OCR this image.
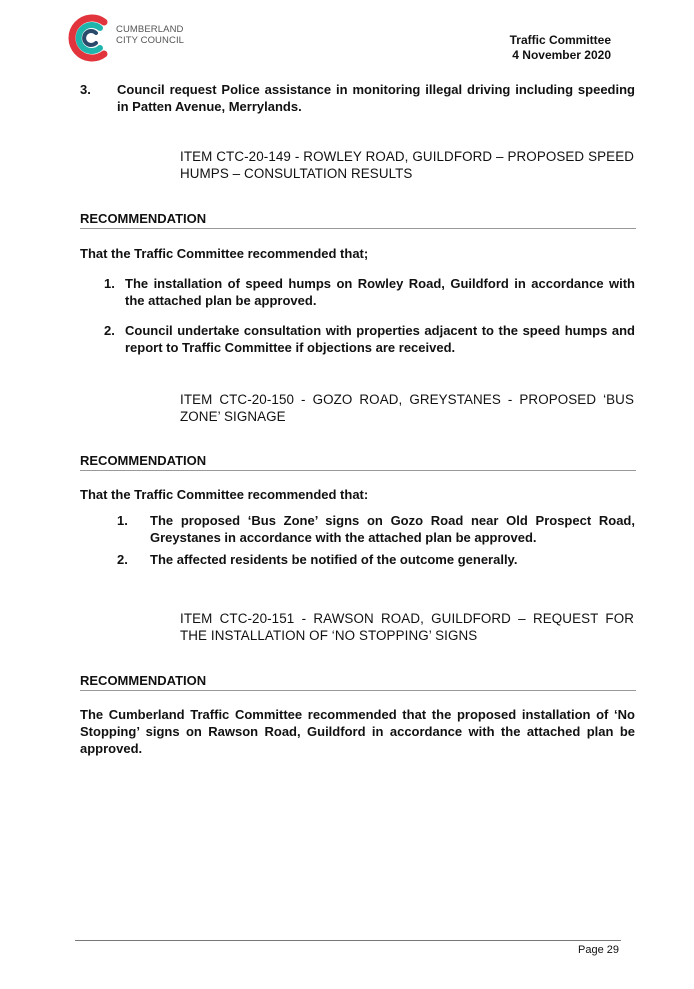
CUMBERLAND
CITY COUNCIL	Traffic Committee
4 November 2020
3. Council request Police assistance in monitoring illegal driving including speeding in Patten Avenue, Merrylands.
ITEM CTC-20-149 - ROWLEY ROAD, GUILDFORD – PROPOSED SPEED HUMPS – CONSULTATION RESULTS
RECOMMENDATION
That the Traffic Committee recommended that;
1. The installation of speed humps on Rowley Road, Guildford in accordance with the attached plan be approved.
2. Council undertake consultation with properties adjacent to the speed humps and report to Traffic Committee if objections are received.
ITEM CTC-20-150 - GOZO ROAD, GREYSTANES - PROPOSED ‘BUS ZONE’ SIGNAGE
RECOMMENDATION
That the Traffic Committee recommended that:
1. The proposed ‘Bus Zone’ signs on Gozo Road near Old Prospect Road, Greystanes in accordance with the attached plan be approved.
2. The affected residents be notified of the outcome generally.
ITEM CTC-20-151 - RAWSON ROAD, GUILDFORD – REQUEST FOR THE INSTALLATION OF ‘NO STOPPING’ SIGNS
RECOMMENDATION
The Cumberland Traffic Committee recommended that the proposed installation of ‘No Stopping’ signs on Rawson Road, Guildford in accordance with the attached plan be approved.
Page 29
